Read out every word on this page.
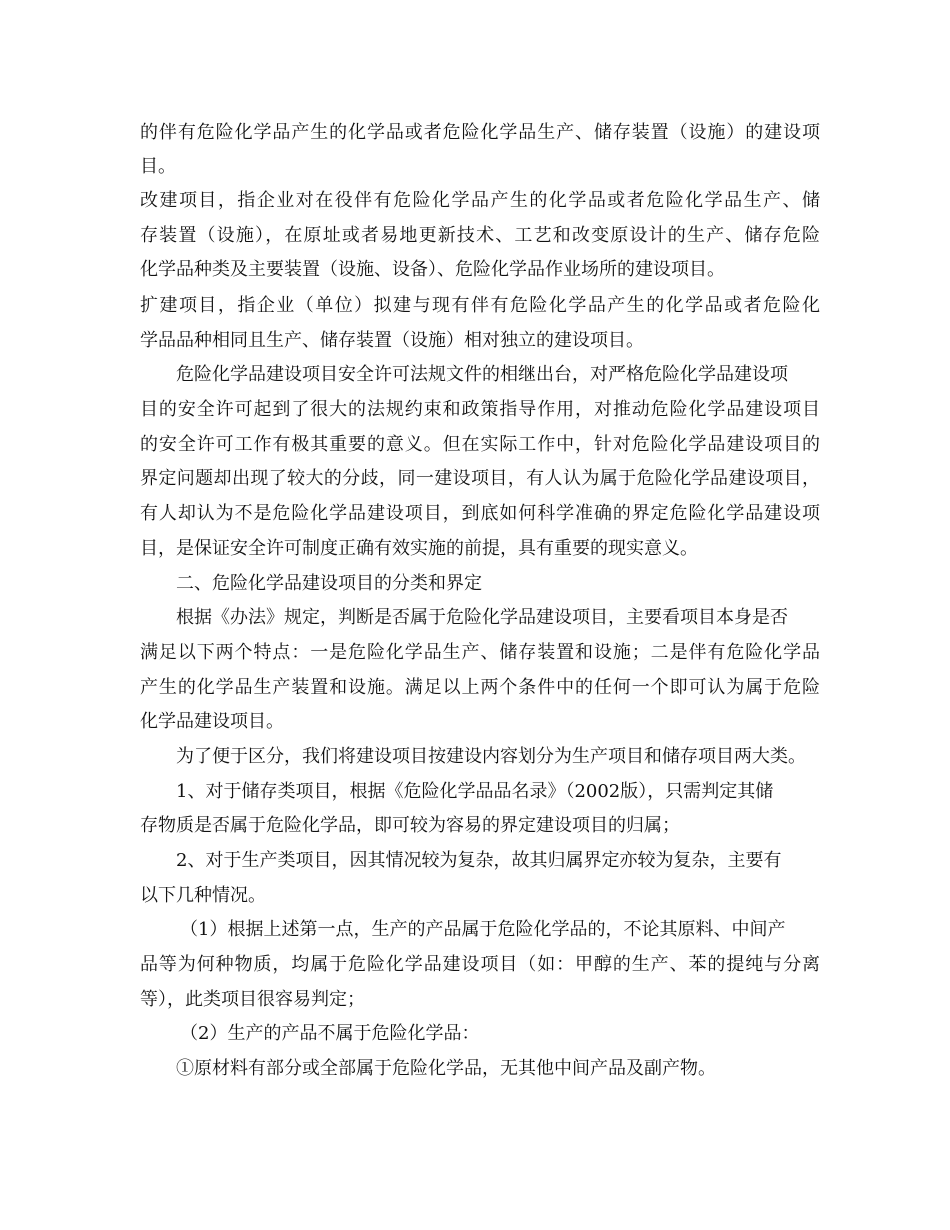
的伴有危险化学品产生的化学品或者危险化学品生产、储存装置（设施）的建设项

目。

改建项目，指企业对在役伴有危险化学品产生的化学品或者危险化学品生产、储

存装置（设施），在原址或者易地更新技术、工艺和改变原设计的生产、储存危险

化学品种类及主要装置（设施、设备）、危险化学品作业场所的建设项目。

扩建项目，指企业（单位）拟建与现有伴有危险化学品产生的化学品或者危险化

学品品种相同且生产、储存装置（设施）相对独立的建设项目。

危险化学品建设项目安全许可法规文件的相继出台，对严格危险化学品建设项

目的安全许可起到了很大的法规约束和政策指导作用，对推动危险化学品建设项目

的安全许可工作有极其重要的意义。但在实际工作中，针对危险化学品建设项目的

界定问题却出现了较大的分歧，同一建设项目，有人认为属于危险化学品建设项目，

有人却认为不是危险化学品建设项目，到底如何科学准确的界定危险化学品建设项

目，是保证安全许可制度正确有效实施的前提，具有重要的现实意义。

二、危险化学品建设项目的分类和界定

根据《办法》规定，判断是否属于危险化学品建设项目，主要看项目本身是否

满足以下两个特点：一是危险化学品生产、储存装置和设施；二是伴有危险化学品

产生的化学品生产装置和设施。满足以上两个条件中的任何一个即可认为属于危险

化学品建设项目。

为了便于区分，我们将建设项目按建设内容划分为生产项目和储存项目两大类。

1、对于储存类项目，根据《危险化学品品名录》（2002版），只需判定其储

存物质是否属于危险化学品，即可较为容易的界定建设项目的归属；

2、对于生产类项目，因其情况较为复杂，故其归属界定亦较为复杂，主要有

以下几种情况。

（1）根据上述第一点，生产的产品属于危险化学品的，不论其原料、中间产

品等为何种物质，均属于危险化学品建设项目（如：甲醇的生产、苯的提纯与分离

等），此类项目很容易判定；

（2）生产的产品不属于危险化学品：

①原材料有部分或全部属于危险化学品，无其他中间产品及副产物。
